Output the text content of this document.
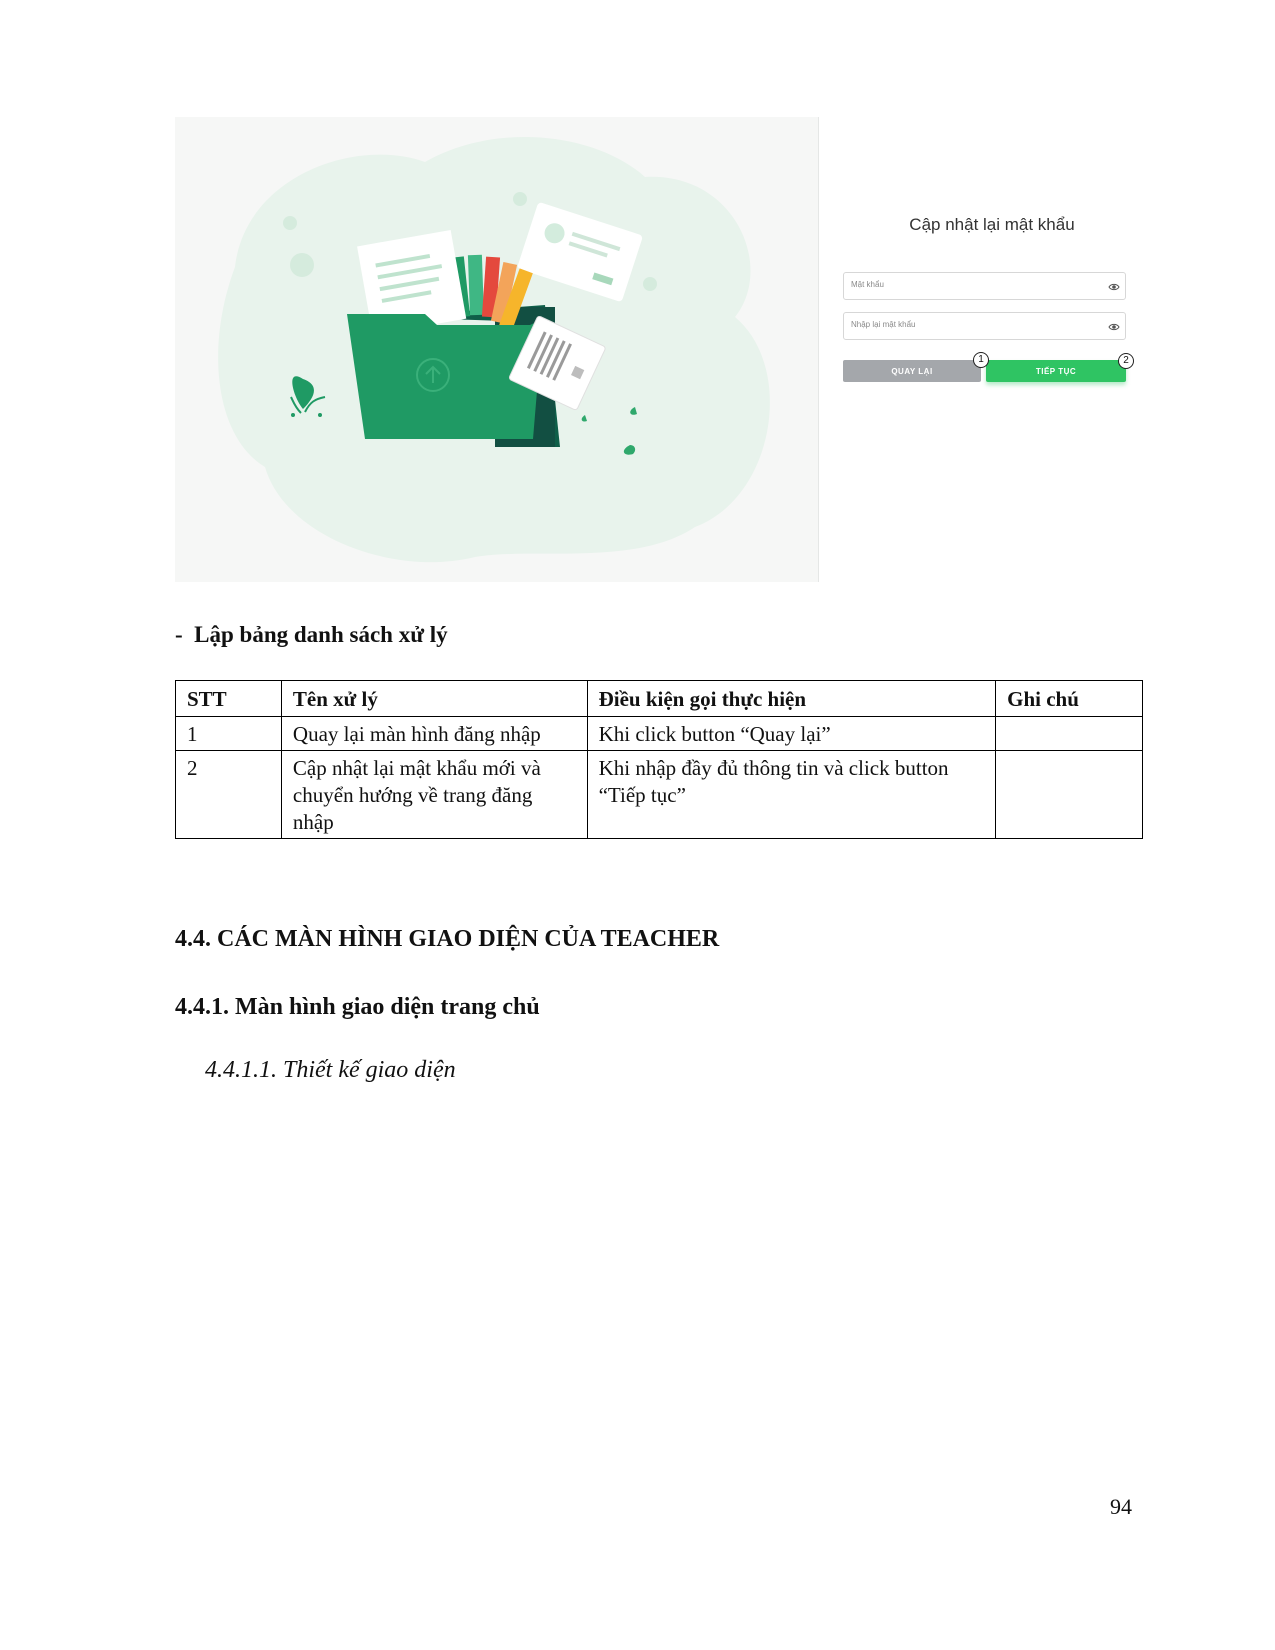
Cập nhật lại mật khẩu
QUAY LẠI	TIẾP TỤC
1	2
- Lập bảng danh sách xử lý
STT	Tên xử lý	Điều kiện gọi thực hiện	Ghi chú
1	Quay lại màn hình đăng nhập	Khi click button “Quay lại”	
2	Cập nhật lại mật khẩu mới và chuyển hướng về trang đăng nhập	Khi nhập đầy đủ thông tin và click button “Tiếp tục”	
4.4. CÁC MÀN HÌNH GIAO DIỆN CỦA TEACHER
4.4.1. Màn hình giao diện trang chủ
4.4.1.1. Thiết kế giao diện
94
